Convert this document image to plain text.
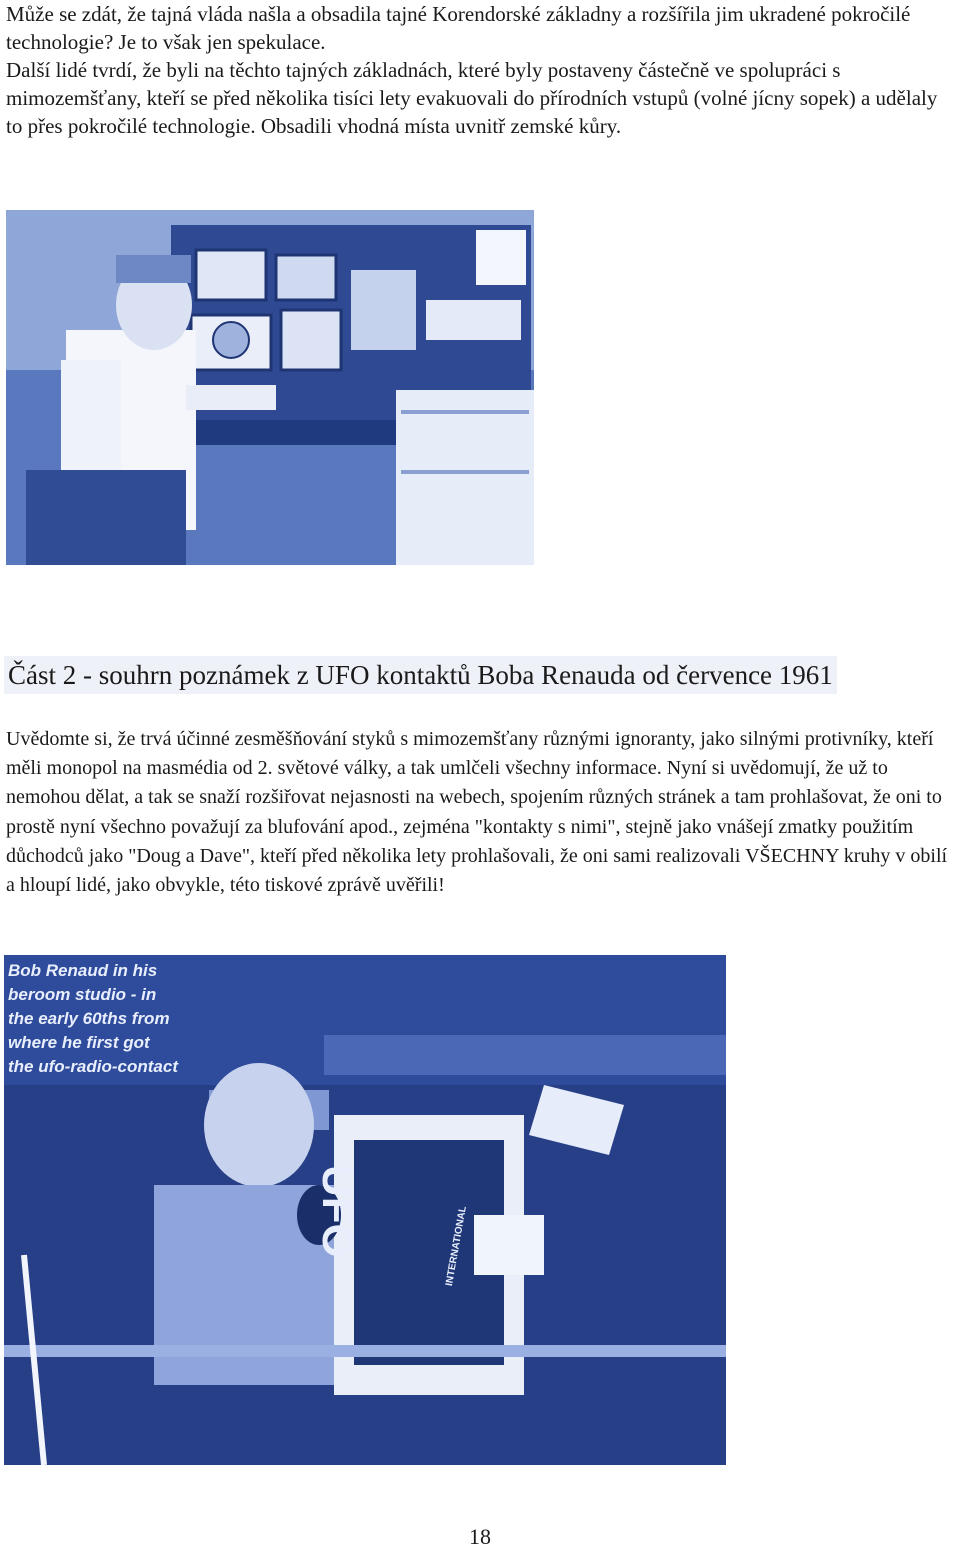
Může se zdát, že tajná vláda našla a obsadila tajné Korendorské základny a rozšířila jim ukradené pokročilé technologie? Je to však jen spekulace.
Další lidé tvrdí, že byli na těchto tajných základnách, které byly postaveny částečně ve spolupráci s mimozemšťany, kteří se před několika tisíci lety evakuovali do přírodních vstupů (volné jícny sopek) a udělaly to přes pokročilé technologie. Obsadili vhodná místa uvnitř zemské kůry.

Část 2 - souhrn poznámek z UFO kontaktů Boba Renauda od července 1961

Uvědomte si, že trvá účinné zesměšňování styků s mimozemšťany různými ignoranty, jako silnými protivníky, kteří měli monopol na masmédia od 2. světové války, a tak umlčeli všechny informace. Nyní si uvědomují, že už to nemohou dělat, a tak se snaží rozšiřovat nejasnosti na webech, spojením různých stránek a tam prohlašovat, že oni to prostě nyní všechno považují za blufování apod., zejména "kontakty s nimi", stejně jako vnášejí zmatky použitím důchodců jako "Doug a Dave", kteří před několika lety prohlašovali, že oni sami realizovali VŠECHNY kruhy v obilí a hloupí lidé, jako obvykle, této tiskové zprávě uvěřili!

Bob Renaud in his
beroom studio - in
the early 60ths from
where he first got
the ufo-radio-contact
UFO	INTERNATIONAL
18
